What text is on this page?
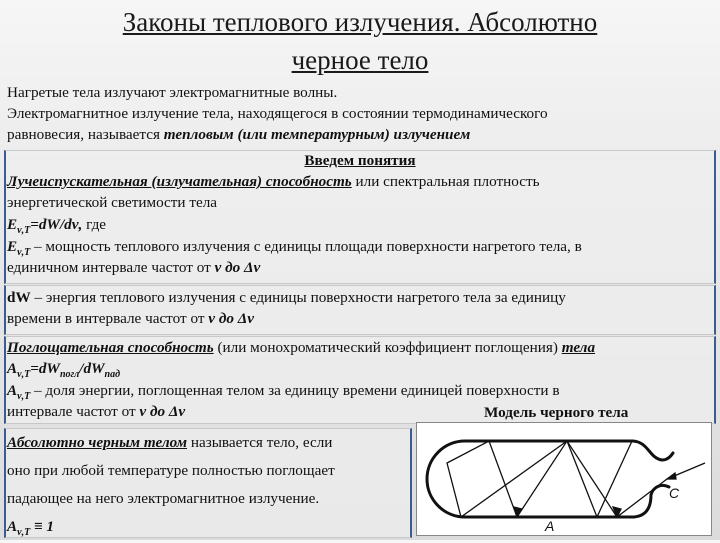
Законы теплового излучения. Абсолютно
черное тело
Нагретые тела излучают электромагнитные волны.
Электромагнитное излучение тела, находящегося в состоянии термодинамического
равновесия, называется тепловым (или температурным) излучением
Введем понятия
Лучеиспускательная (излучательная) способность или спектральная плотность
энергетической светимости тела
$E_{\nu,T}=dW/d\nu$, где
$E_{\nu,T}$ – мощность теплового излучения с единицы площади поверхности нагретого тела, в
единичном интервале частот от ν до Δν
dW – энергия теплового излучения с единицы поверхности нагретого тела за единицу
времени в интервале частот от ν до Δν
Поглощательная способность (или монохроматический коэффициент поглощения) тела
$A_{\nu,T}=dW_{погл}/dW_{пад}$
$A_{\nu,T}$ – доля энергии, поглощенная телом за единицу времени единицей поверхности в
интервале частот от ν до Δν	Модель черного тела
Абсолютно черным телом называется тело, если
оно при любой температуре полностью поглощает
падающее на него электромагнитное излучение.
$A_{\nu,T} \equiv 1$
C
A
